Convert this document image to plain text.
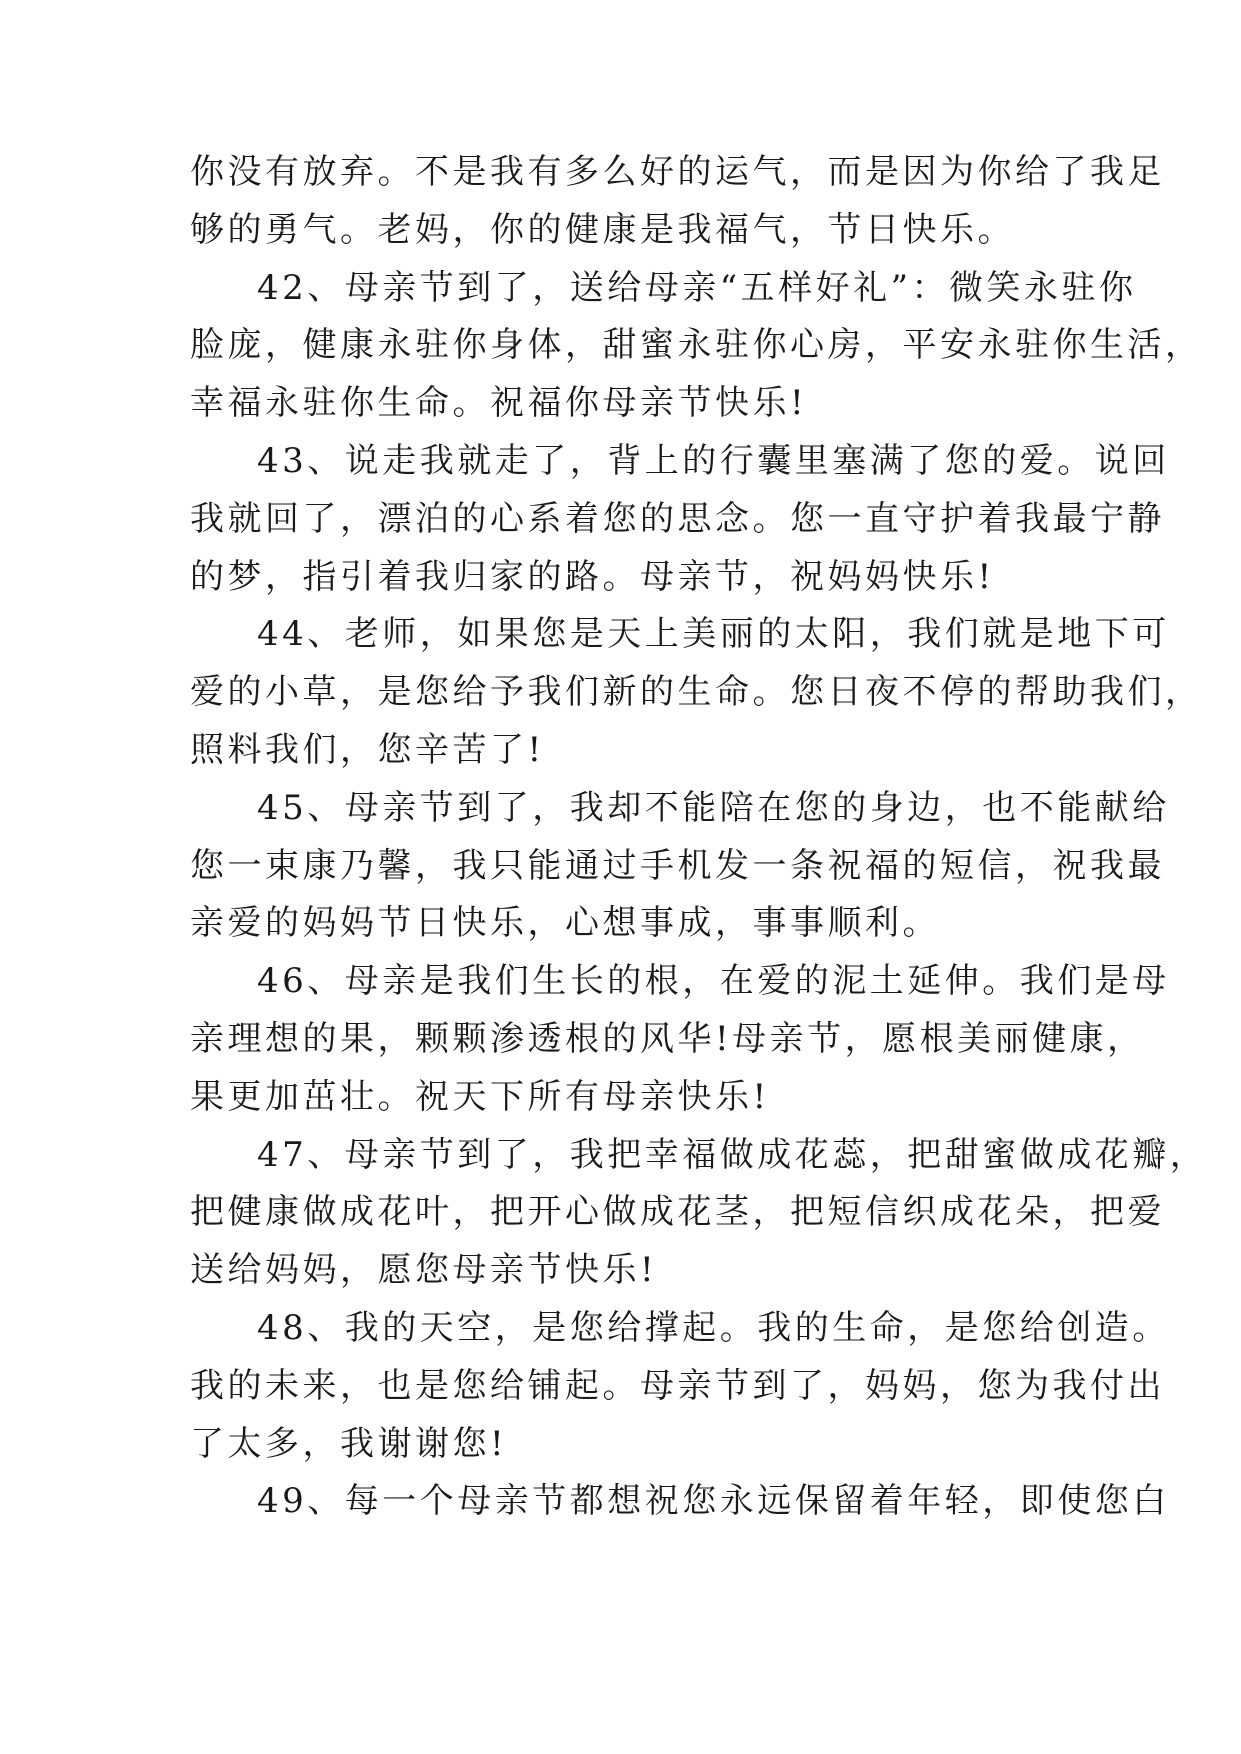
你没有放弃。不是我有多么好的运气，而是因为你给了我足
够的勇气。老妈，你的健康是我福气，节日快乐。
42、母亲节到了，送给母亲“五样好礼”：微笑永驻你
脸庞，健康永驻你身体，甜蜜永驻你心房，平安永驻你生活，
幸福永驻你生命。祝福你母亲节快乐!
43、说走我就走了，背上的行囊里塞满了您的爱。说回
我就回了，漂泊的心系着您的思念。您一直守护着我最宁静
的梦，指引着我归家的路。母亲节，祝妈妈快乐!
44、老师，如果您是天上美丽的太阳，我们就是地下可
爱的小草，是您给予我们新的生命。您日夜不停的帮助我们，
照料我们，您辛苦了!
45、母亲节到了，我却不能陪在您的身边，也不能献给
您一束康乃馨，我只能通过手机发一条祝福的短信，祝我最
亲爱的妈妈节日快乐，心想事成，事事顺利。
46、母亲是我们生长的根，在爱的泥土延伸。我们是母
亲理想的果，颗颗渗透根的风华!母亲节，愿根美丽健康，
果更加茁壮。祝天下所有母亲快乐!
47、母亲节到了，我把幸福做成花蕊，把甜蜜做成花瓣，
把健康做成花叶，把开心做成花茎，把短信织成花朵，把爱
送给妈妈，愿您母亲节快乐!
48、我的天空，是您给撑起。我的生命，是您给创造。
我的未来，也是您给铺起。母亲节到了，妈妈，您为我付出
了太多，我谢谢您!
49、每一个母亲节都想祝您永远保留着年轻，即使您白
